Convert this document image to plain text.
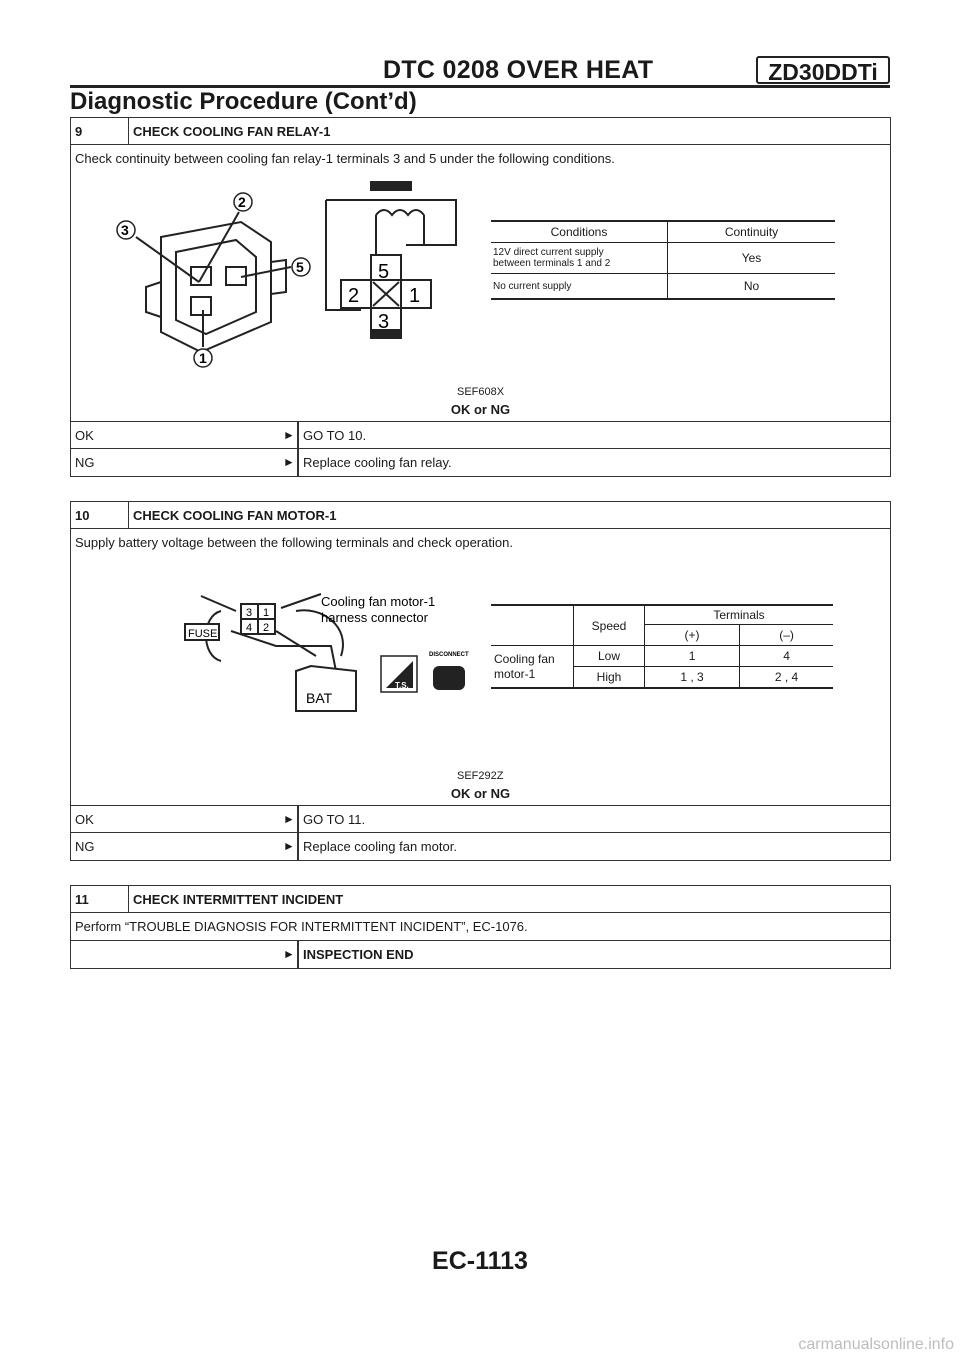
DTC 0208 OVER HEAT	ZD30DDTi
Diagnostic Procedure (Cont’d)
9	CHECK COOLING FAN RELAY-1
Check continuity between cooling fan relay-1 terminals 3 and 5 under the following conditions.
3
2
5
1
5
2 1
3
Conditions	Continuity

12V direct current supply
between terminals 1 and 2	Yes
No current supply	No
SEF608X
OK or NG
OK	► GO TO 10.
NG	► Replace cooling fan relay.
10	CHECK COOLING FAN MOTOR-1
Supply battery voltage between the following terminals and check operation.
FUSE
3 1
4 2
Cooling fan motor-1
harness connector
BAT
T.S.
DISCONNECT
	Speed	Terminals	
		(+)	(–)

Cooling fan
motor-1	Low	1	4
	High	1 , 3	2 , 4
SEF292Z
OK or NG
OK	► GO TO 11.
NG	► Replace cooling fan motor.
11	CHECK INTERMITTENT INCIDENT
Perform “TROUBLE DIAGNOSIS FOR INTERMITTENT INCIDENT”, EC-1076.
► INSPECTION END
EC-1113
carmanualsonline.info
